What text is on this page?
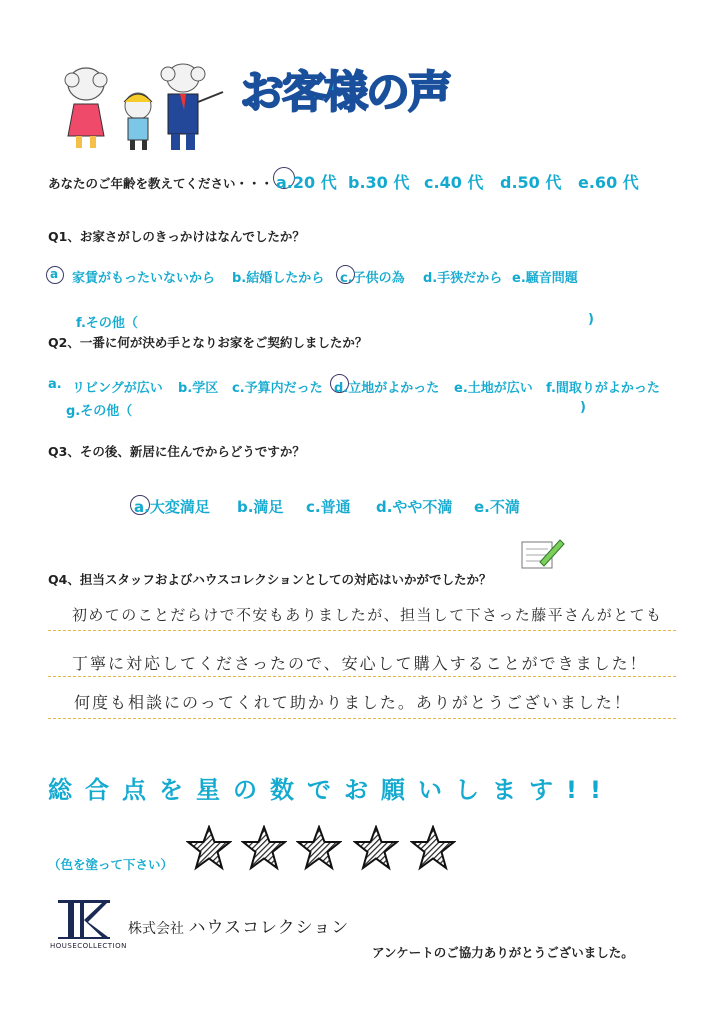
お客様の声
あなたのご年齢を教えてください・・・ a.20 代 b.30 代 c.40 代 d.50 代 e.60 代
Q1、お家さがしのきっかけはなんでしたか？
a 家賃がもったいないから b.結婚したから c.子供の為 d.手狭だから e.騒音問題
f.その他（	)
Q2、一番に何が決め手となりお家をご契約しましたか？
a. リビングが広い b.学区 c.予算内だった d.立地がよかった e.土地が広い f.間取りがよかった
g.その他（	)
Q3、その後、新居に住んでからどうですか？
a.大変満足 b.満足 c.普通 d.やや不満 e.不満
Q4、担当スタッフおよびハウスコレクションとしての対応はいかがでしたか？
初めてのことだらけで不安もありましたが、担当して下さった藤平さんがとても
丁寧に対応してくださったので、安心して購入することができました！
何度も相談にのってくれて助かりました。ありがとうございました！
総合点を星の数でお願いします!!
（色を塗って下さい）
HOUSECOLLECTION
株式会社 ハウスコレクション
アンケートのご協力ありがとうございました。
